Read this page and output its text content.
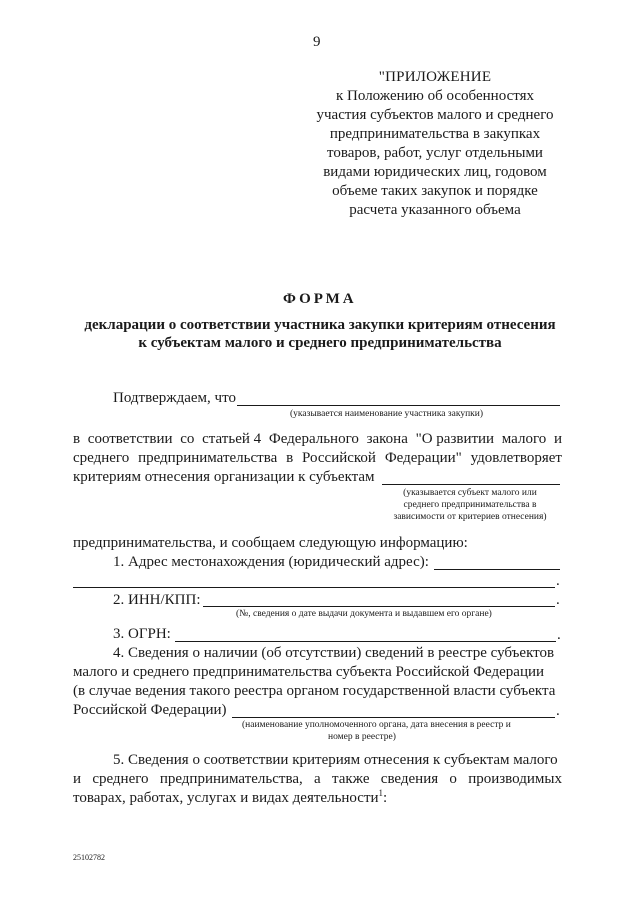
9
"ПРИЛОЖЕНИЕ
к Положению об особенностях
участия субъектов малого и среднего
предпринимательства в закупках
товаров, работ, услуг отдельными
видами юридических лиц, годовом
объеме таких закупок и порядке
расчета указанного объема
ФОРМА
декларации о соответствии участника закупки критериям отнесения
к субъектам малого и среднего предпринимательства
Подтверждаем, что
(указывается наименование участника закупки)
в соответствии со статьей 4 Федерального закона "О развитии малого и
среднего предпринимательства в Российской Федерации" удовлетворяет
критериям отнесения организации к субъектам
(указывается субъект малого или
среднего предпринимательства в
зависимости от критериев отнесения)
предпринимательства, и сообщаем следующую информацию:
1. Адрес местонахождения (юридический адрес):
.
2. ИНН/КПП:	.
(№, сведения о дате выдачи документа и выдавшем его органе)
3. ОГРН:	.
4. Сведения о наличии (об отсутствии) сведений в реестре субъектов
малого и среднего предпринимательства субъекта Российской Федерации
(в случае ведения такого реестра органом государственной власти субъекта
Российской Федерации)	.
(наименование уполномоченного органа, дата внесения в реестр и
номер в реестре)
5. Сведения о соответствии критериям отнесения к субъектам малого
и среднего предпринимательства, а также сведения о производимых
товарах, работах, услугах и видах деятельности$^1$:
25102782
